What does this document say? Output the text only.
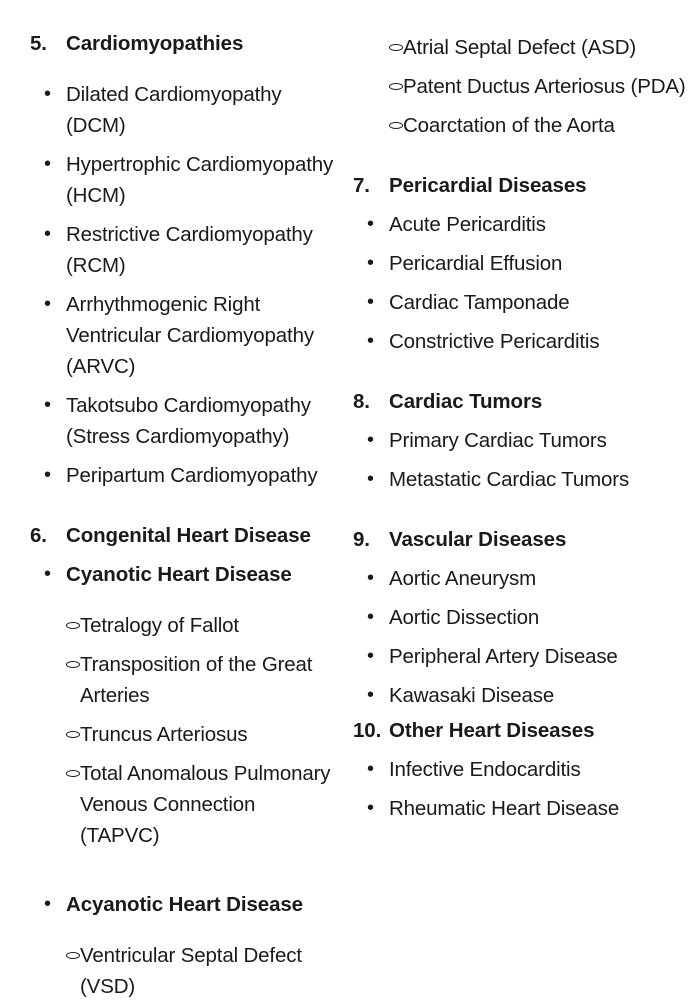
5. Cardiomyopathies
• Dilated Cardiomyopathy (DCM)
• Hypertrophic Cardiomyopathy (HCM)
• Restrictive Cardiomyopathy (RCM)
• Arrhythmogenic Right Ventricular Cardiomyopathy (ARVC)
• Takotsubo Cardiomyopathy (Stress Cardiomyopathy)
• Peripartum Cardiomyopathy
6. Congenital Heart Disease
• Cyanotic Heart Disease
Tetralogy of Fallot
Transposition of the Great Arteries
Truncus Arteriosus
Total Anomalous Pulmonary Venous Connection (TAPVC)
• Acyanotic Heart Disease
Ventricular Septal Defect (VSD)
Atrial Septal Defect (ASD)
Patent Ductus Arteriosus (PDA)
Coarctation of the Aorta
7. Pericardial Diseases
• Acute Pericarditis
• Pericardial Effusion
• Cardiac Tamponade
• Constrictive Pericarditis
8. Cardiac Tumors
• Primary Cardiac Tumors
• Metastatic Cardiac Tumors
9. Vascular Diseases
• Aortic Aneurysm
• Aortic Dissection
• Peripheral Artery Disease
• Kawasaki Disease
10. Other Heart Diseases
• Infective Endocarditis
• Rheumatic Heart Disease
